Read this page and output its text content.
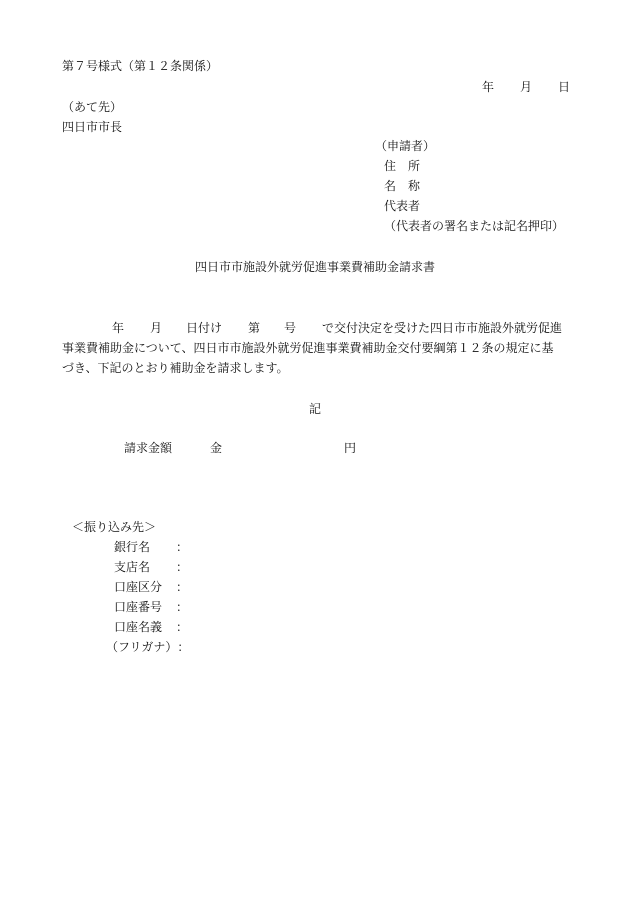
第７号様式（第１２条関係）
年 月 日
（あて先）
四日市市長
（申請者）
住　所
名　称
代表者
（代表者の署名または記名押印）
四日市市施設外就労促進事業費補助金請求書
年 月 日付け 第 号 で交付決定を受けた四日市市施設外就労促進
事業費補助金について、四日市市施設外就労促進事業費補助金交付要綱第１２条の規定に基
づき、下記のとおり補助金を請求します。
記
請求金額	金	円
＜振り込み先＞
銀行名 ：
支店名 ：
口座区分 ：
口座番号 ：
口座名義 ：
（フリガナ）：
